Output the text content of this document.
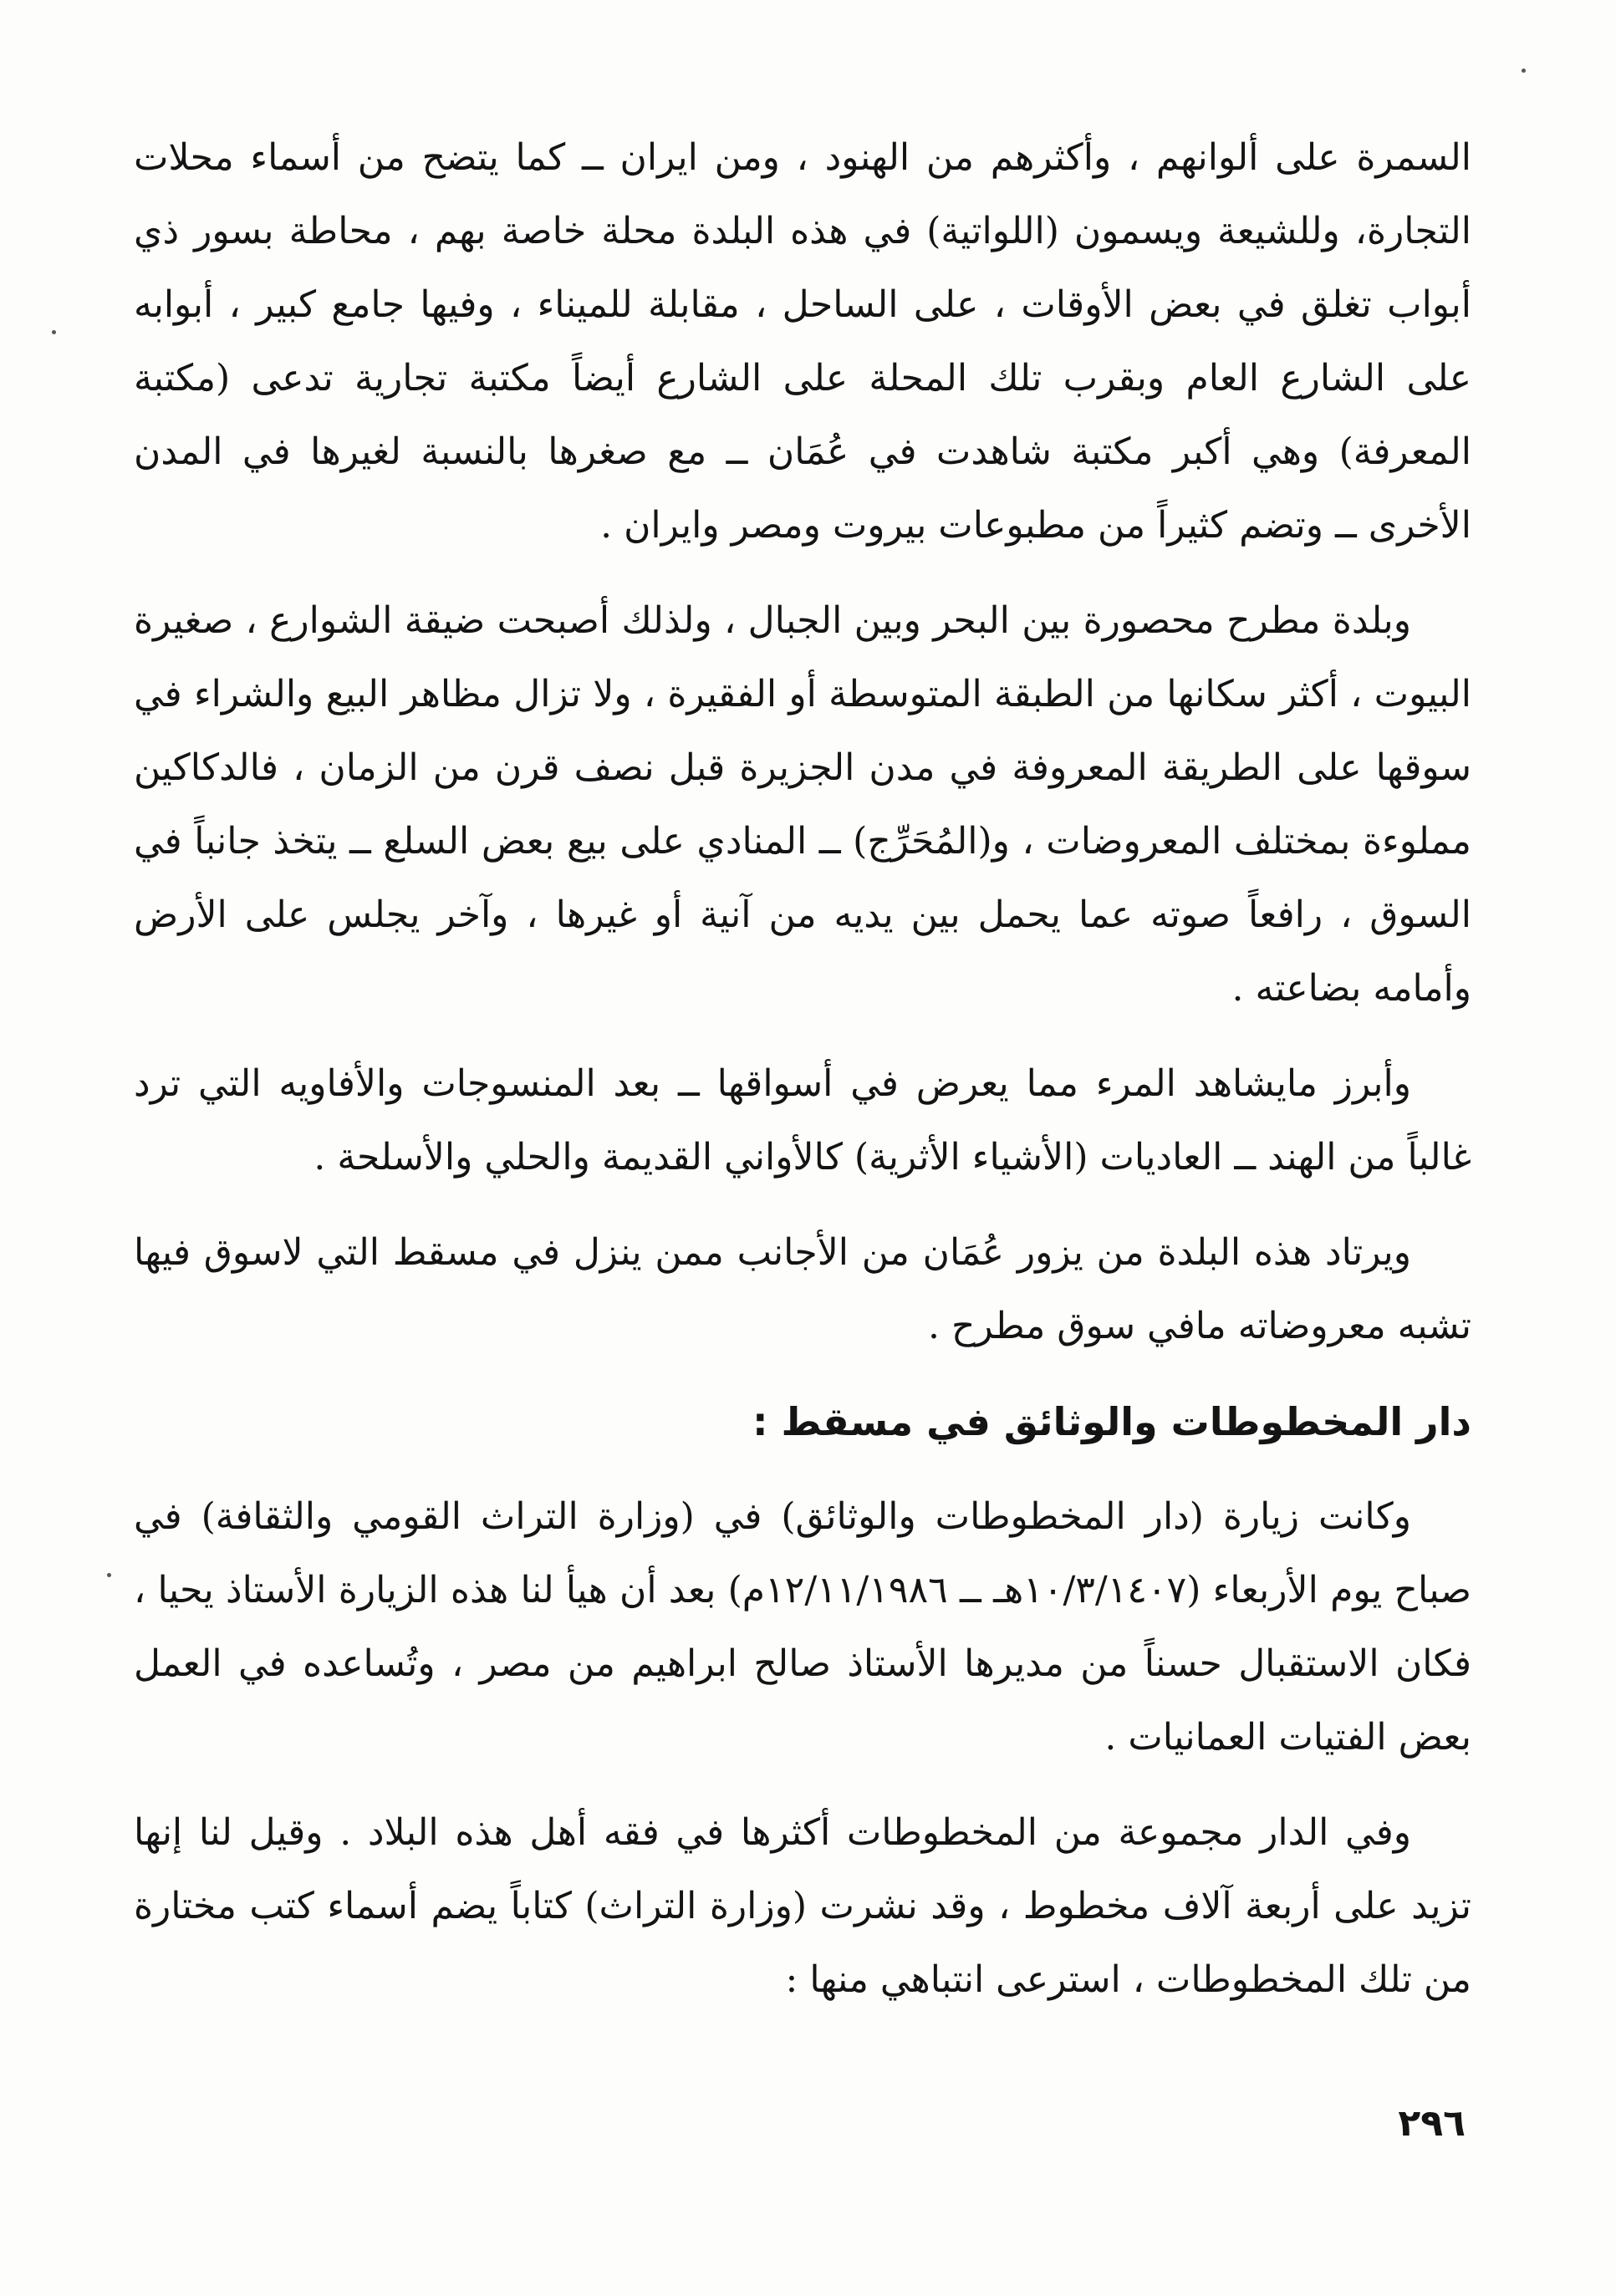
السمرة على ألوانهم ، وأكثرهم من الهنود ، ومن ايران ــ كما يتضح من أسماء محلات التجارة، وللشيعة ويسمون (اللواتية) في هذه البلدة محلة خاصة بهم ، محاطة بسور ذي أبواب تغلق في بعض الأوقات ، على الساحل ، مقابلة للميناء ، وفيها جامع كبير ، أبوابه على الشارع العام وبقرب تلك المحلة على الشارع أيضاً مكتبة تجارية تدعى (مكتبة المعرفة) وهي أكبر مكتبة شاهدت في عُمَان ــ مع صغرها بالنسبة لغيرها في المدن الأخرى ــ وتضم كثيراً من مطبوعات بيروت ومصر وايران .

وبلدة مطرح محصورة بين البحر وبين الجبال ، ولذلك أصبحت ضيقة الشوارع ، صغيرة البيوت ، أكثر سكانها من الطبقة المتوسطة أو الفقيرة ، ولا تزال مظاهر البيع والشراء في سوقها على الطريقة المعروفة في مدن الجزيرة قبل نصف قرن من الزمان ، فالدكاكين مملوءة بمختلف المعروضات ، و(المُحَرِّج) ــ المنادي على بيع بعض السلع ــ يتخذ جانباً في السوق ، رافعاً صوته عما يحمل بين يديه من آنية أو غيرها ، وآخر يجلس على الأرض وأمامه بضاعته .

وأبرز مايشاهد المرء مما يعرض في أسواقها ــ بعد المنسوجات والأفاويه التي ترد غالباً من الهند ــ العاديات (الأشياء الأثرية) كالأواني القديمة والحلي والأسلحة .

ويرتاد هذه البلدة من يزور عُمَان من الأجانب ممن ينزل في مسقط التي لاسوق فيها تشبه معروضاته مافي سوق مطرح .

دار المخطوطات والوثائق في مسقط :

وكانت زيارة (دار المخطوطات والوثائق) في (وزارة التراث القومي والثقافة) في صباح يوم الأربعاء (١٠/٣/١٤٠٧هـ ــ ١٢/١١/١٩٨٦م) بعد أن هيأ لنا هذه الزيارة الأستاذ يحيا ، فكان الاستقبال حسناً من مديرها الأستاذ صالح ابراهيم من مصر ، وتُساعده في العمل بعض الفتيات العمانيات .

وفي الدار مجموعة من المخطوطات أكثرها في فقه أهل هذه البلاد . وقيل لنا إنها تزيد على أربعة آلاف مخطوط ، وقد نشرت (وزارة التراث) كتاباً يضم أسماء كتب مختارة من تلك المخطوطات ، استرعى انتباهي منها :

٢٩٦
